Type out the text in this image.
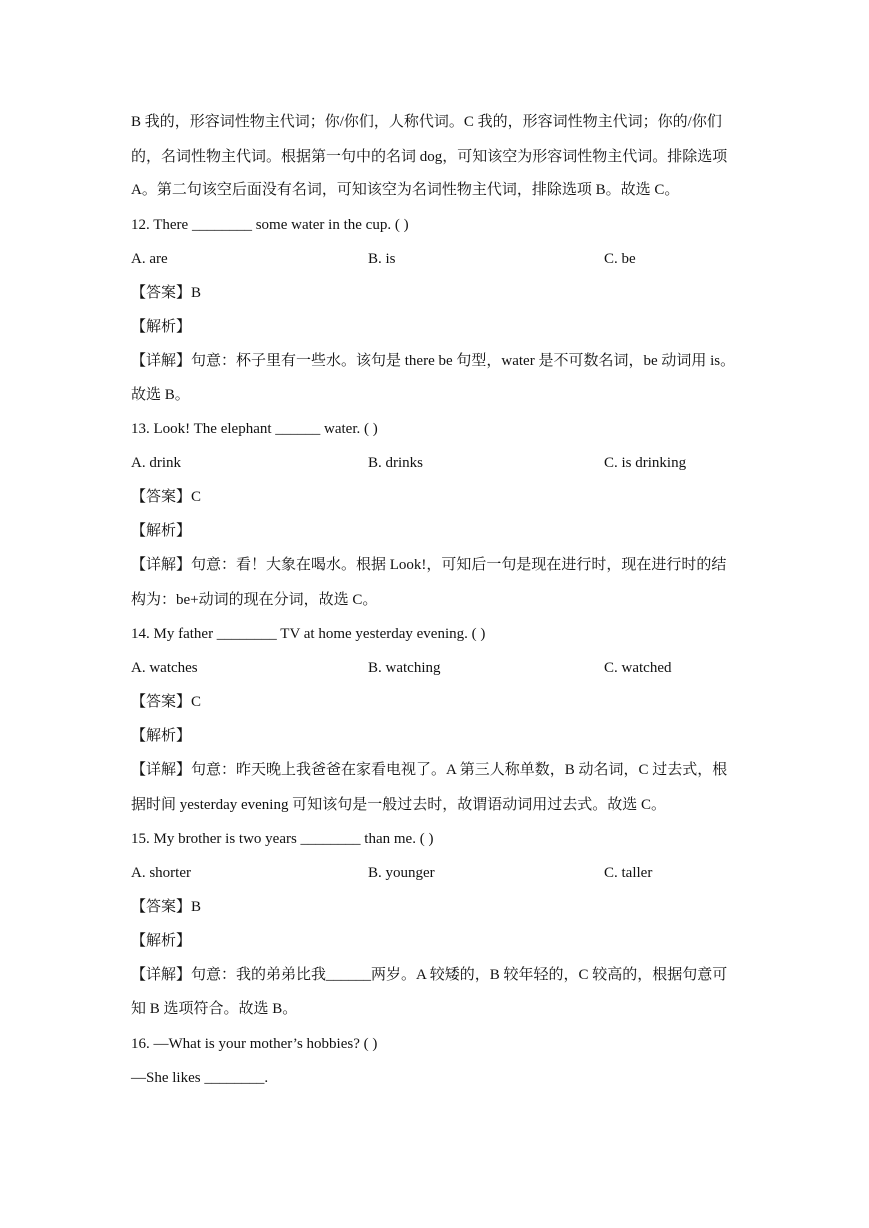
B 我的，形容词性物主代词；你/你们，人称代词。C 我的，形容词性物主代词；你的/你们
的，名词性物主代词。根据第一句中的名词 dog，可知该空为形容词性物主代词。排除选项
A。第二句该空后面没有名词，可知该空为名词性物主代词，排除选项 B。故选 C。
12. There ________ some water in the cup. ( )
A. are	B. is	C. be
【答案】B
【解析】
【详解】句意：杯子里有一些水。该句是 there be 句型，water 是不可数名词，be 动词用 is。
故选 B。
13. Look! The elephant ______ water. ( )
A. drink	B. drinks	C. is drinking
【答案】C
【解析】
【详解】句意：看！大象在喝水。根据 Look!，可知后一句是现在进行时，现在进行时的结
构为：be+动词的现在分词，故选 C。
14. My father ________ TV at home yesterday evening. ( )
A. watches	B. watching	C. watched
【答案】C
【解析】
【详解】句意：昨天晚上我爸爸在家看电视了。A 第三人称单数，B 动名词，C 过去式，根
据时间 yesterday evening 可知该句是一般过去时，故谓语动词用过去式。故选 C。
15. My brother is two years ________ than me. ( )
A. shorter	B. younger	C. taller
【答案】B
【解析】
【详解】句意：我的弟弟比我______两岁。A 较矮的，B 较年轻的，C 较高的，根据句意可
知 B 选项符合。故选 B。
16. —What is your mother’s hobbies? ( )
—She likes ________.
